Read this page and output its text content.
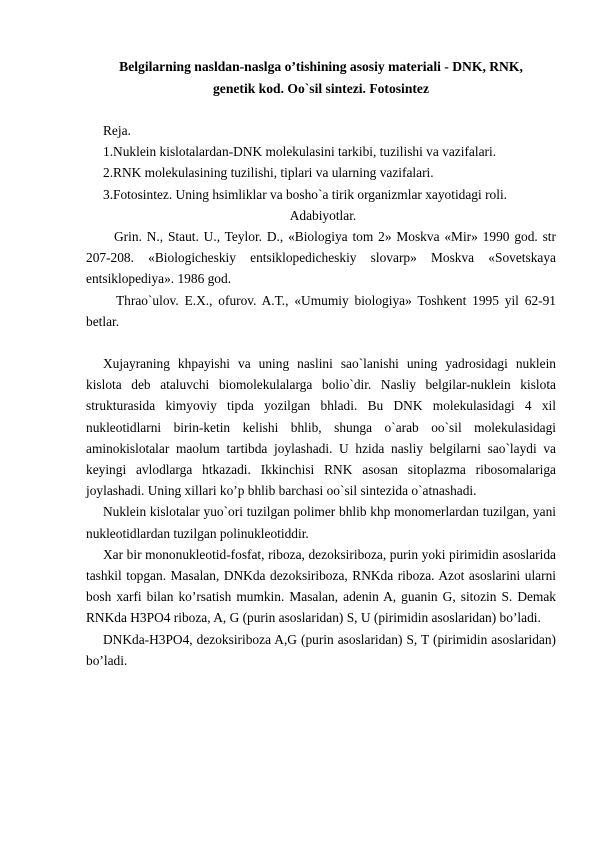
Belgilarning nasldan-naslga o’tishining asosiy materiali - DNK, RNK,
genetik kod. Oo`sil sintezi. Fotosintez
Reja.
1.Nuklein kislotalardan-DNK molekulasini tarkibi, tuzilishi va vazifalari.
2.RNK molekulasining tuzilishi, tiplari va ularning vazifalari.
3.Fotosintez. Uning hsimliklar va bosho`a tirik organizmlar xayotidagi roli.
Adabiyotlar.

Grin. N., Staut. U., Teylor. D., «Biologiya tom 2» Moskva «Mir» 1990 god. str 207-208. «Biologicheskiy entsiklopedicheskiy slovarp» Moskva «Sovetskaya entsiklopediya». 1986 god.

Thrao`ulov. E.X., ofurov. A.T., «Umumiy biologiya» Toshkent 1995 yil 62-91 betlar.

Xujayraning khpayishi va uning naslini sao`lanishi uning yadrosidagi nuklein kislota deb ataluvchi biomolekulalarga bolio`dir. Nasliy belgilar-nuklein kislota strukturasida kimyoviy tipda yozilgan bhladi. Bu DNK molekulasidagi 4 xil nukleotidlarni birin-ketin kelishi bhlib, shunga o`arab oo`sil molekulasidagi aminokislotalar maolum tartibda joylashadi. U hzida nasliy belgilarni sao`laydi va keyingi avlodlarga htkazadi. Ikkinchisi RNK asosan sitoplazma ribosomalariga joylashadi. Uning xillari ko’p bhlib barchasi oo`sil sintezida o`atnashadi.

Nuklein kislotalar yuo`ori tuzilgan polimer bhlib khp monomerlardan tuzilgan, yani nukleotidlardan tuzilgan polinukleotiddir.

Xar bir mononukleotid-fosfat, riboza, dezoksiriboza, purin yoki pirimidin asoslarida tashkil topgan. Masalan, DNKda dezoksiriboza, RNKda riboza. Azot asoslarini ularni bosh xarfi bilan ko’rsatish mumkin. Masalan, adenin A, guanin G, sitozin S. Demak RNKda H3PO4 riboza, A, G (purin asoslaridan) S, U (pirimidin asoslaridan) bo’ladi.

DNKda-H3PO4, dezoksiriboza A,G (purin asoslaridan) S, T (pirimidin asoslaridan) bo’ladi.
